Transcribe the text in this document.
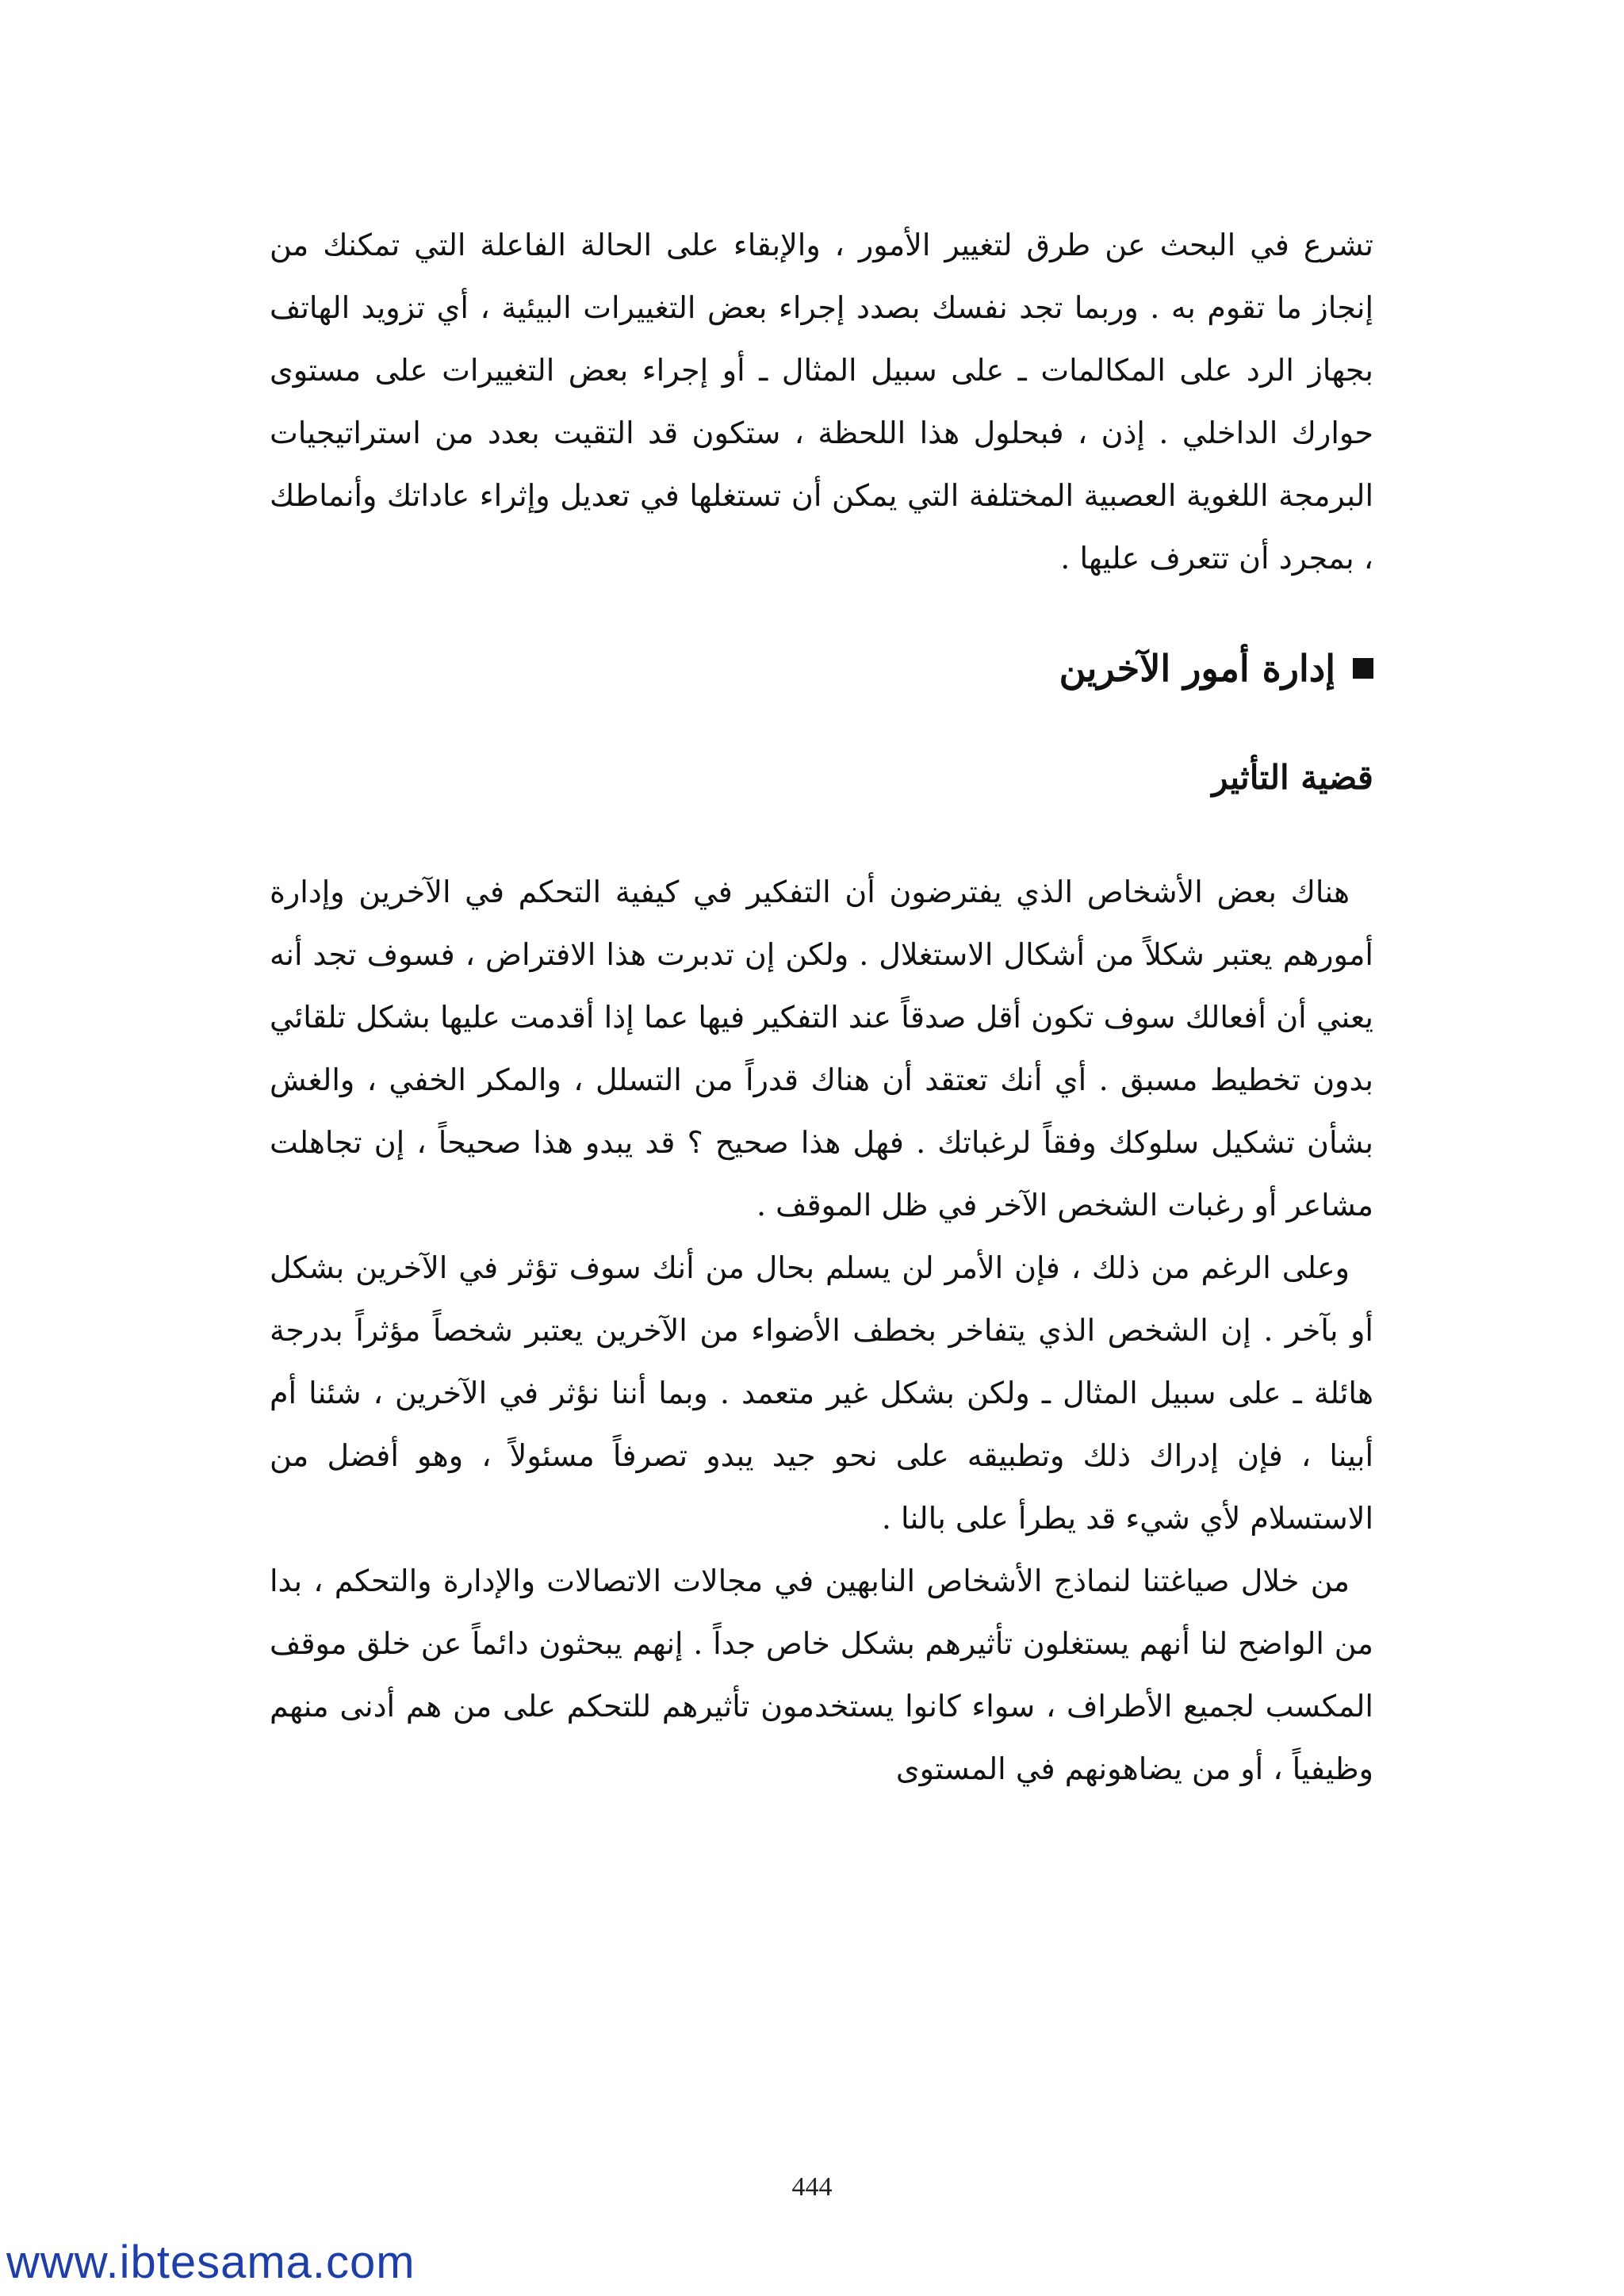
تشرع في البحث عن طرق لتغيير الأمور ، والإبقاء على الحالة الفاعلة التي تمكنك من إنجاز ما تقوم به . وربما تجد نفسك بصدد إجراء بعض التغييرات البيئية ، أي تزويد الهاتف بجهاز الرد على المكالمات ـ على سبيل المثال ـ أو إجراء بعض التغييرات على مستوى حوارك الداخلي . إذن ، فبحلول هذا اللحظة ، ستكون قد التقيت بعدد من استراتيجيات البرمجة اللغوية العصبية المختلفة التي يمكن أن تستغلها في تعديل وإثراء عاداتك وأنماطك ، بمجرد أن تتعرف عليها .

إدارة أمور الآخرين
قضية التأثير

هناك بعض الأشخاص الذي يفترضون أن التفكير في كيفية التحكم في الآخرين وإدارة أمورهم يعتبر شكلاً من أشكال الاستغلال . ولكن إن تدبرت هذا الافتراض ، فسوف تجد أنه يعني أن أفعالك سوف تكون أقل صدقاً عند التفكير فيها عما إذا أقدمت عليها بشكل تلقائي بدون تخطيط مسبق . أي أنك تعتقد أن هناك قدراً من التسلل ، والمكر الخفي ، والغش بشأن تشكيل سلوكك وفقاً لرغباتك . فهل هذا صحيح ؟ قد يبدو هذا صحيحاً ، إن تجاهلت مشاعر أو رغبات الشخص الآخر في ظل الموقف .

وعلى الرغم من ذلك ، فإن الأمر لن يسلم بحال من أنك سوف تؤثر في الآخرين بشكل أو بآخر . إن الشخص الذي يتفاخر بخطف الأضواء من الآخرين يعتبر شخصاً مؤثراً بدرجة هائلة ـ على سبيل المثال ـ ولكن بشكل غير متعمد . وبما أننا نؤثر في الآخرين ، شئنا أم أبينا ، فإن إدراك ذلك وتطبيقه على نحو جيد يبدو تصرفاً مسئولاً ، وهو أفضل من الاستسلام لأي شيء قد يطرأ على بالنا .

من خلال صياغتنا لنماذج الأشخاص النابهين في مجالات الاتصالات والإدارة والتحكم ، بدا من الواضح لنا أنهم يستغلون تأثيرهم بشكل خاص جداً . إنهم يبحثون دائماً عن خلق موقف المكسب لجميع الأطراف ، سواء كانوا يستخدمون تأثيرهم للتحكم على من هم أدنى منهم وظيفياً ، أو من يضاهونهم في المستوى

444
www.ibtesama.com
